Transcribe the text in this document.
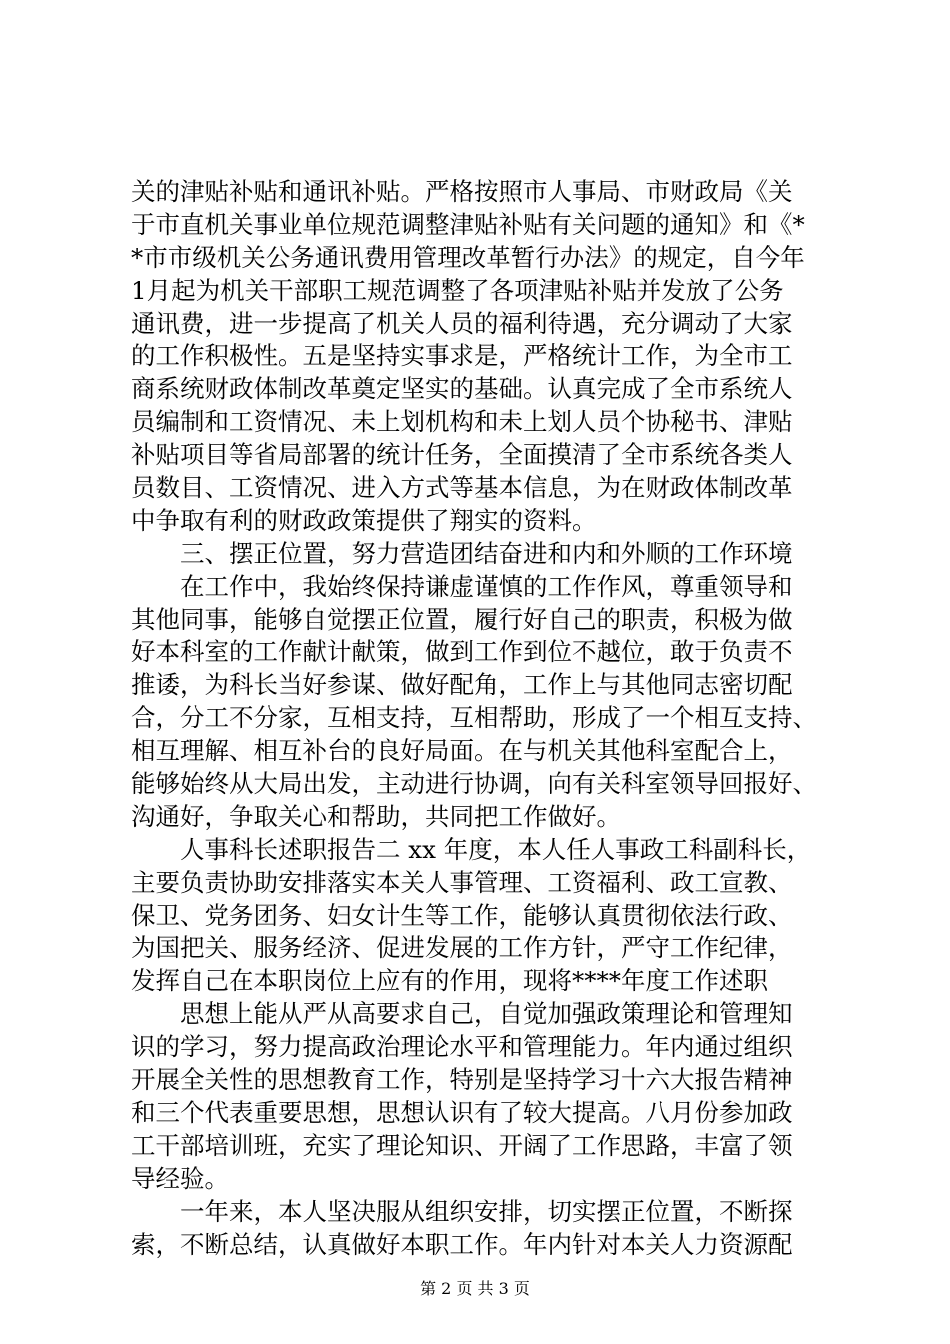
关的津贴补贴和通讯补贴。严格按照市人事局、市财政局《关
于市直机关事业单位规范调整津贴补贴有关问题的通知》和《*
*市市级机关公务通讯费用管理改革暂行办法》的规定，自今年
1月起为机关干部职工规范调整了各项津贴补贴并发放了公务
通讯费，进一步提高了机关人员的福利待遇，充分调动了大家
的工作积极性。五是坚持实事求是，严格统计工作，为全市工
商系统财政体制改革奠定坚实的基础。认真完成了全市系统人
员编制和工资情况、未上划机构和未上划人员个协秘书、津贴
补贴项目等省局部署的统计任务，全面摸清了全市系统各类人
员数目、工资情况、进入方式等基本信息，为在财政体制改革
中争取有利的财政政策提供了翔实的资料。
三、摆正位置，努力营造团结奋进和内和外顺的工作环境
在工作中，我始终保持谦虚谨慎的工作作风，尊重领导和
其他同事，能够自觉摆正位置，履行好自己的职责，积极为做
好本科室的工作献计献策，做到工作到位不越位，敢于负责不
推诿，为科长当好参谋、做好配角，工作上与其他同志密切配
合，分工不分家，互相支持，互相帮助，形成了一个相互支持、
相互理解、相互补台的良好局面。在与机关其他科室配合上，
能够始终从大局出发，主动进行协调，向有关科室领导回报好、
沟通好，争取关心和帮助，共同把工作做好。
人事科长述职报告二 xx 年度，本人任人事政工科副科长，
主要负责协助安排落实本关人事管理、工资福利、政工宣教、
保卫、党务团务、妇女计生等工作，能够认真贯彻依法行政、
为国把关、服务经济、促进发展的工作方针，严守工作纪律，
发挥自己在本职岗位上应有的作用，现将****年度工作述职
思想上能从严从高要求自己，自觉加强政策理论和管理知
识的学习，努力提高政治理论水平和管理能力。年内通过组织
开展全关性的思想教育工作，特别是坚持学习十六大报告精神
和三个代表重要思想，思想认识有了较大提高。八月份参加政
工干部培训班，充实了理论知识、开阔了工作思路，丰富了领
导经验。
一年来，本人坚决服从组织安排，切实摆正位置，不断探
索，不断总结，认真做好本职工作。年内针对本关人力资源配
第 2 页 共 3 页
